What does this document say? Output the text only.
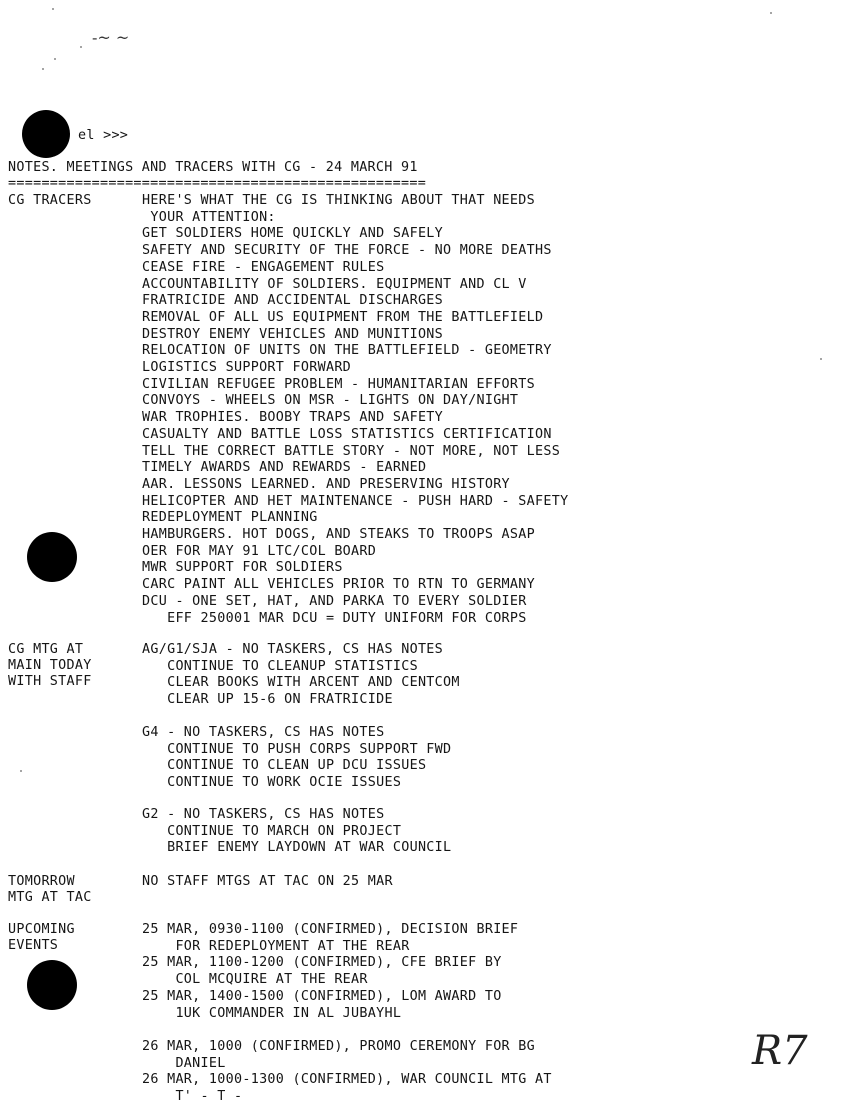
-~ ~
el >>>
NOTES. MEETINGS AND TRACERS WITH CG - 24 MARCH 91
==================================================
CG TRACERS	HERE'S WHAT THE CG IS THINKING ABOUT THAT NEEDS
YOUR ATTENTION:
GET SOLDIERS HOME QUICKLY AND SAFELY
SAFETY AND SECURITY OF THE FORCE - NO MORE DEATHS
CEASE FIRE - ENGAGEMENT RULES
ACCOUNTABILITY OF SOLDIERS. EQUIPMENT AND CL V
FRATRICIDE AND ACCIDENTAL DISCHARGES
REMOVAL OF ALL US EQUIPMENT FROM THE BATTLEFIELD
DESTROY ENEMY VEHICLES AND MUNITIONS
RELOCATION OF UNITS ON THE BATTLEFIELD - GEOMETRY
LOGISTICS SUPPORT FORWARD
CIVILIAN REFUGEE PROBLEM - HUMANITARIAN EFFORTS
CONVOYS - WHEELS ON MSR - LIGHTS ON DAY/NIGHT
WAR TROPHIES. BOOBY TRAPS AND SAFETY
CASUALTY AND BATTLE LOSS STATISTICS CERTIFICATION
TELL THE CORRECT BATTLE STORY - NOT MORE, NOT LESS
TIMELY AWARDS AND REWARDS - EARNED
AAR. LESSONS LEARNED. AND PRESERVING HISTORY
HELICOPTER AND HET MAINTENANCE - PUSH HARD - SAFETY
REDEPLOYMENT PLANNING
HAMBURGERS. HOT DOGS, AND STEAKS TO TROOPS ASAP
OER FOR MAY 91 LTC/COL BOARD
MWR SUPPORT FOR SOLDIERS
CARC PAINT ALL VEHICLES PRIOR TO RTN TO GERMANY
DCU - ONE SET, HAT, AND PARKA TO EVERY SOLDIER
EFF 250001 MAR DCU = DUTY UNIFORM FOR CORPS
CG MTG AT
MAIN TODAY
WITH STAFF
AG/G1/SJA - NO TASKERS, CS HAS NOTES
CONTINUE TO CLEANUP STATISTICS
CLEAR BOOKS WITH ARCENT AND CENTCOM
CLEAR UP 15-6 ON FRATRICIDE
G4 - NO TASKERS, CS HAS NOTES
CONTINUE TO PUSH CORPS SUPPORT FWD
CONTINUE TO CLEAN UP DCU ISSUES
CONTINUE TO WORK OCIE ISSUES
G2 - NO TASKERS, CS HAS NOTES
CONTINUE TO MARCH ON PROJECT
BRIEF ENEMY LAYDOWN AT WAR COUNCIL
TOMORROW
MTG AT TAC
NO STAFF MTGS AT TAC ON 25 MAR
UPCOMING
EVENTS
25 MAR, 0930-1100 (CONFIRMED), DECISION BRIEF
FOR REDEPLOYMENT AT THE REAR
25 MAR, 1100-1200 (CONFIRMED), CFE BRIEF BY
COL MCQUIRE AT THE REAR
25 MAR, 1400-1500 (CONFIRMED), LOM AWARD TO
1UK COMMANDER IN AL JUBAYHL
26 MAR, 1000 (CONFIRMED), PROMO CEREMONY FOR BG
DANIEL
26 MAR, 1000-1300 (CONFIRMED), WAR COUNCIL MTG AT
T' - T -
R7
